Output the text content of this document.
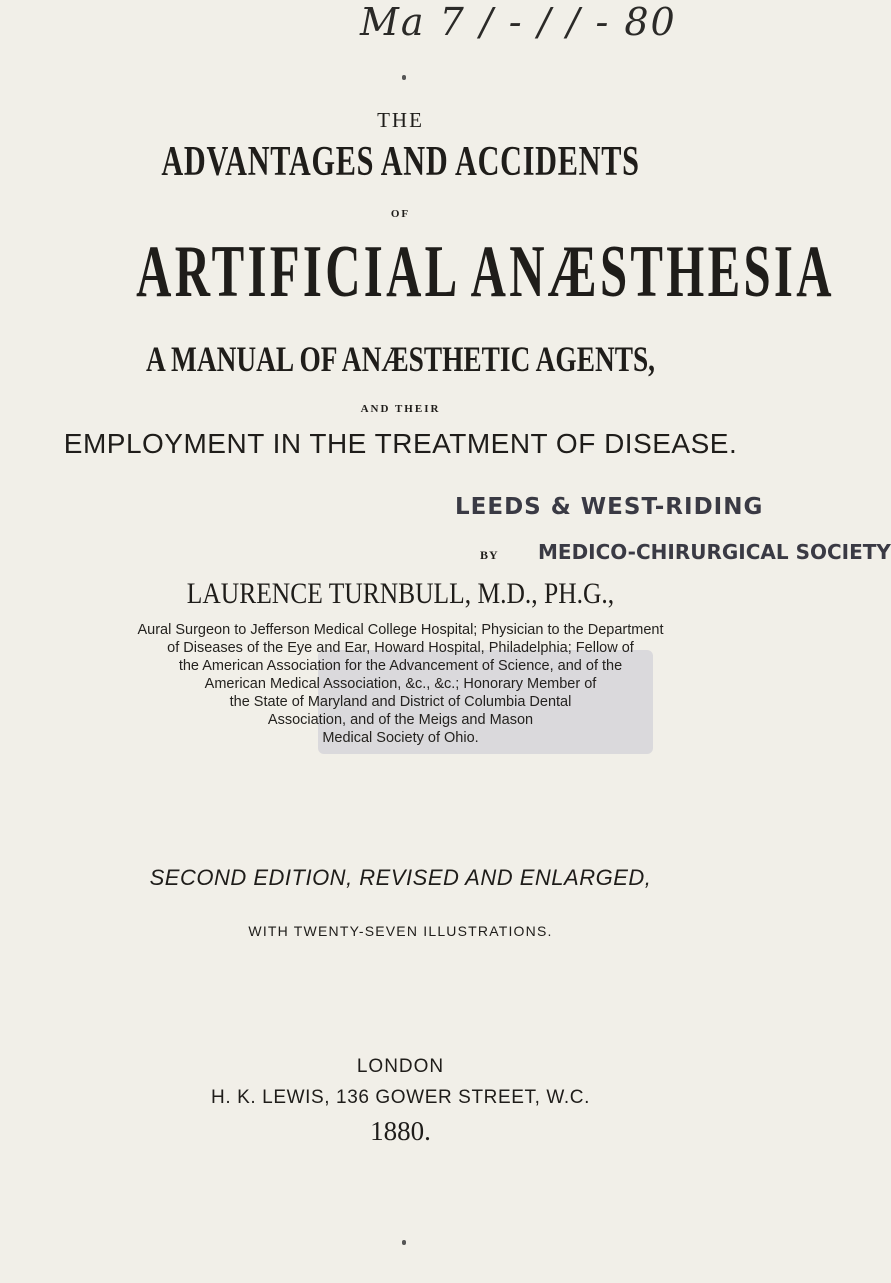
Ma 7 / - / / - 80
THE
ADVANTAGES AND ACCIDENTS
OF
ARTIFICIAL ANÆSTHESIA
A MANUAL OF ANÆSTHETIC AGENTS,
AND THEIR
EMPLOYMENT IN THE TREATMENT OF DISEASE.
LEEDS & WEST-RIDING
MEDICO-CHIRURGICAL SOCIETY
BY
LAURENCE TURNBULL, M.D., PH.G.,
Aural Surgeon to Jefferson Medical College Hospital; Physician to the Department
of Diseases of the Eye and Ear, Howard Hospital, Philadelphia; Fellow of
the American Association for the Advancement of Science, and of the
American Medical Association, &c., &c.; Honorary Member of
the State of Maryland and District of Columbia Dental
Association, and of the Meigs and Mason
Medical Society of Ohio.
SECOND EDITION, REVISED AND ENLARGED,
WITH TWENTY-SEVEN ILLUSTRATIONS.
LONDON
H. K. LEWIS, 136 GOWER STREET, W.C.
1880.
